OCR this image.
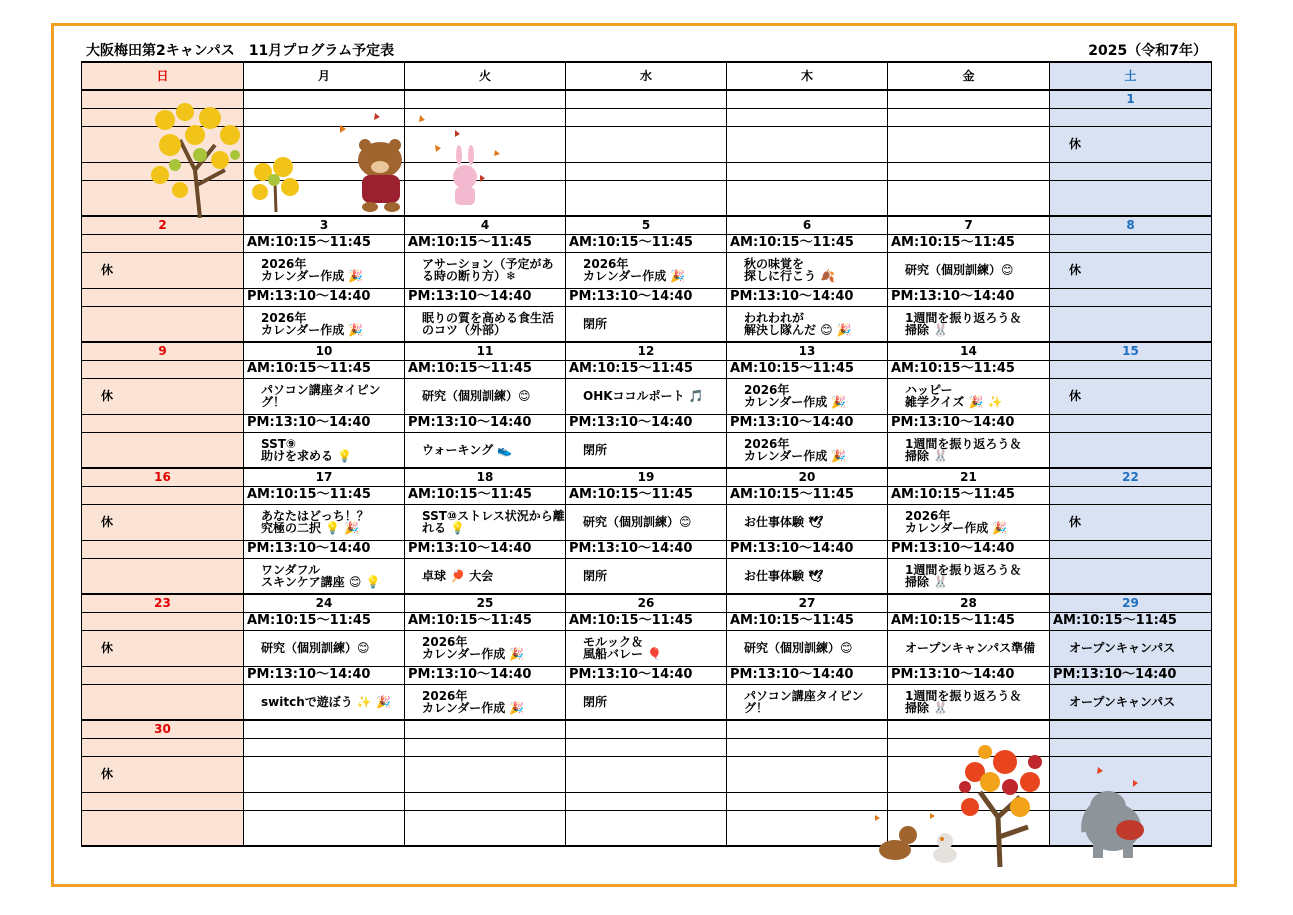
大阪梅田第2キャンパス　11月プログラム予定表	2025（令和7年）
日	月	火	水	木	金	土
						1

						休

2	3	4	5	6	7	8
	AM:10:15～11:45	AM:10:15～11:45	AM:10:15～11:45	AM:10:15～11:45	AM:10:15～11:45	

休	2026年
カレンダー作成 🎉	アサーション（予定がある時の断り方）❄	2026年
カレンダー作成 🎉	秋の味覚を
探しに行こう 🍂	研究（個別訓練）😊	休

	PM:13:10～14:40	PM:13:10～14:40	PM:13:10～14:40	PM:13:10～14:40	PM:13:10～14:40	

	2026年
カレンダー作成 🎉	眠りの質を高める食生活のコツ（外部）	閉所	われわれが
解決し隊んだ 😊 🎉	1週間を振り返ろう＆
掃除 🐰	

9	10	11	12	13	14	15
	AM:10:15～11:45	AM:10:15～11:45	AM:10:15～11:45	AM:10:15～11:45	AM:10:15～11:45	

休	パソコン講座タイピング！	研究（個別訓練）😊	OHKココルポート 🎵	2026年
カレンダー作成 🎉	ハッピー
雑学クイズ 🎉 ✨	休

	PM:13:10～14:40	PM:13:10～14:40	PM:13:10～14:40	PM:13:10～14:40	PM:13:10～14:40	

	SST⑨
助けを求める 💡	ウォーキング 👟	閉所	2026年
カレンダー作成 🎉	1週間を振り返ろう＆
掃除 🐰	

16	17	18	19	20	21	22
	AM:10:15～11:45	AM:10:15～11:45	AM:10:15～11:45	AM:10:15～11:45	AM:10:15～11:45	

休	あなたはどっち！？
究極の二択 💡 🎉	SST⑩ストレス状況から離れる 💡	研究（個別訓練）😊	お仕事体験 🕊	2026年
カレンダー作成 🎉	休

	PM:13:10～14:40	PM:13:10～14:40	PM:13:10～14:40	PM:13:10～14:40	PM:13:10～14:40	

	ワンダフル
スキンケア講座 😊 💡	卓球 🏓 大会	閉所	お仕事体験 🕊	1週間を振り返ろう＆
掃除 🐰	

23	24	25	26	27	28	29
	AM:10:15～11:45	AM:10:15～11:45	AM:10:15～11:45	AM:10:15～11:45	AM:10:15～11:45	AM:10:15～11:45

休	研究（個別訓練）😊	2026年
カレンダー作成 🎉	モルック＆
風船バレー 🎈	研究（個別訓練）😊	オープンキャンパス準備	オープンキャンパス

	PM:13:10～14:40	PM:13:10～14:40	PM:13:10～14:40	PM:13:10～14:40	PM:13:10～14:40	PM:13:10～14:40

	switchで遊ぼう ✨ 🎉	2026年
カレンダー作成 🎉	閉所	パソコン講座タイピング！	1週間を振り返ろう＆
掃除 🐰	オープンキャンパス

30						

休						
